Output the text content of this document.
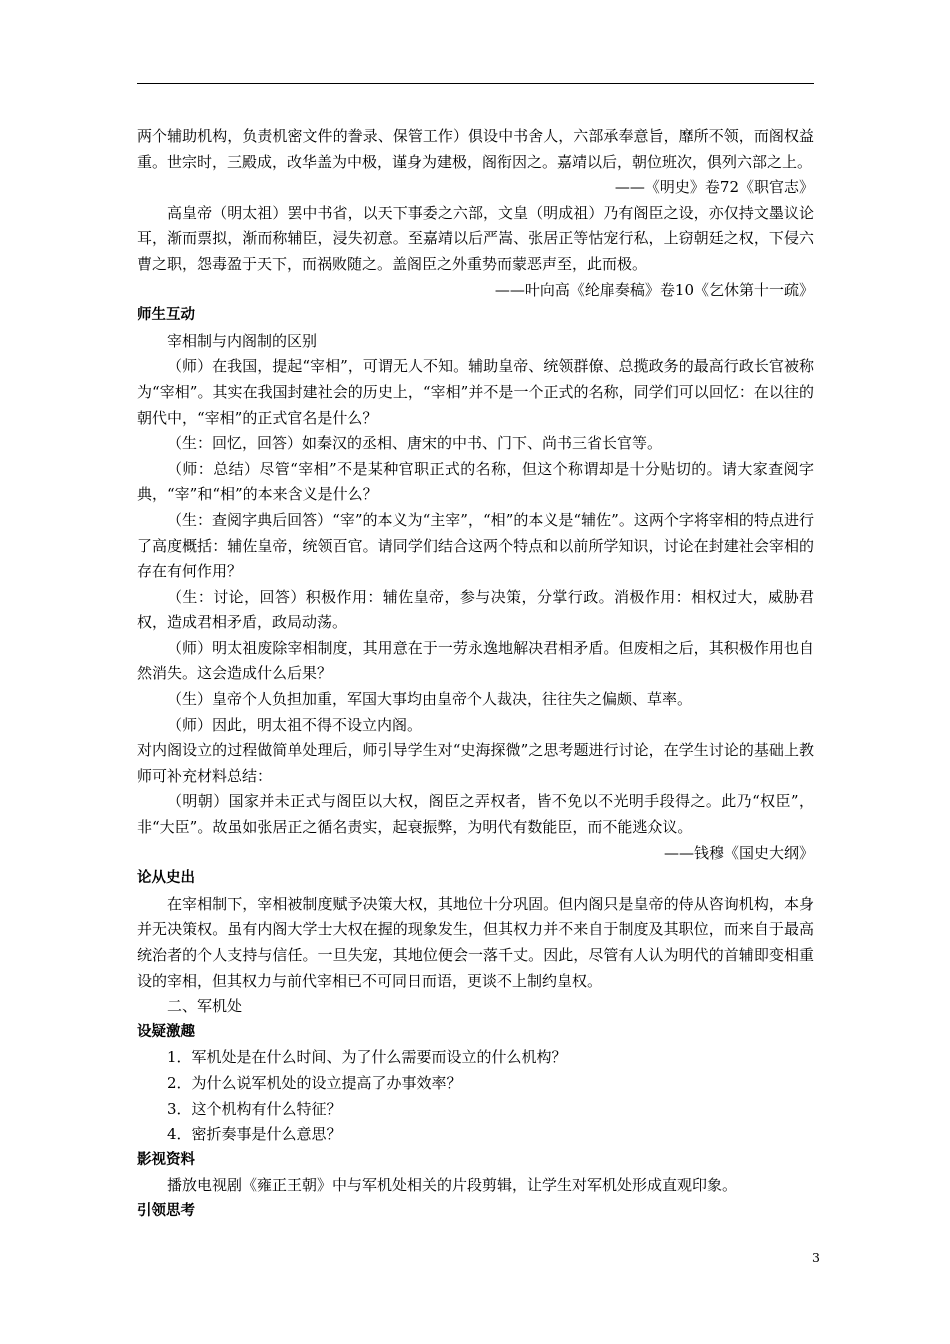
两个辅助机构，负责机密文件的誊录、保管工作）俱设中书舍人，六部承奉意旨，靡所不领，而阁权益重。世宗时，三殿成，改华盖为中极，谨身为建极，阁衔因之。嘉靖以后，朝位班次，俱列六部之上。

——《明史》卷72《职官志》

高皇帝（明太祖）罢中书省，以天下事委之六部，文皇（明成祖）乃有阁臣之设，亦仅持文墨议论耳，渐而票拟，渐而称辅臣，浸失初意。至嘉靖以后严嵩、张居正等怙宠行私，上窃朝廷之权，下侵六曹之职，怨毒盈于天下，而祸败随之。盖阁臣之外重势而蒙恶声至，此而极。

——叶向高《纶扉奏稿》卷10《乞休第十一疏》

师生互动

宰相制与内阁制的区别

（师）在我国，提起“宰相”，可谓无人不知。辅助皇帝、统领群僚、总揽政务的最高行政长官被称为“宰相”。其实在我国封建社会的历史上，“宰相”并不是一个正式的名称，同学们可以回忆：在以往的朝代中，“宰相”的正式官名是什么？

（生：回忆，回答）如秦汉的丞相、唐宋的中书、门下、尚书三省长官等。

（师：总结）尽管“宰相”不是某种官职正式的名称，但这个称谓却是十分贴切的。请大家查阅字典，“宰”和“相”的本来含义是什么？

（生：查阅字典后回答）“宰”的本义为“主宰”，“相”的本义是“辅佐”。这两个字将宰相的特点进行了高度概括：辅佐皇帝，统领百官。请同学们结合这两个特点和以前所学知识，讨论在封建社会宰相的存在有何作用？

（生：讨论，回答）积极作用：辅佐皇帝，参与决策，分掌行政。消极作用：相权过大，威胁君权，造成君相矛盾，政局动荡。

（师）明太祖废除宰相制度，其用意在于一劳永逸地解决君相矛盾。但废相之后，其积极作用也自然消失。这会造成什么后果？

（生）皇帝个人负担加重，军国大事均由皇帝个人裁决，往往失之偏颇、草率。

（师）因此，明太祖不得不设立内阁。

对内阁设立的过程做简单处理后，师引导学生对“史海探微”之思考题进行讨论，在学生讨论的基础上教师可补充材料总结：

（明朝）国家并未正式与阁臣以大权，阁臣之弄权者，皆不免以不光明手段得之。此乃“权臣”，非“大臣”。故虽如张居正之循名责实，起衰振弊，为明代有数能臣，而不能逃众议。

——钱穆《国史大纲》

论从史出

在宰相制下，宰相被制度赋予决策大权，其地位十分巩固。但内阁只是皇帝的侍从咨询机构，本身并无决策权。虽有内阁大学士大权在握的现象发生，但其权力并不来自于制度及其职位，而来自于最高统治者的个人支持与信任。一旦失宠，其地位便会一落千丈。因此，尽管有人认为明代的首辅即变相重设的宰相，但其权力与前代宰相已不可同日而语，更谈不上制约皇权。

二、军机处

设疑激趣

1．军机处是在什么时间、为了什么需要而设立的什么机构？

2．为什么说军机处的设立提高了办事效率？

3．这个机构有什么特征？

4．密折奏事是什么意思？

影视资料

播放电视剧《雍正王朝》中与军机处相关的片段剪辑，让学生对军机处形成直观印象。

引领思考

3
